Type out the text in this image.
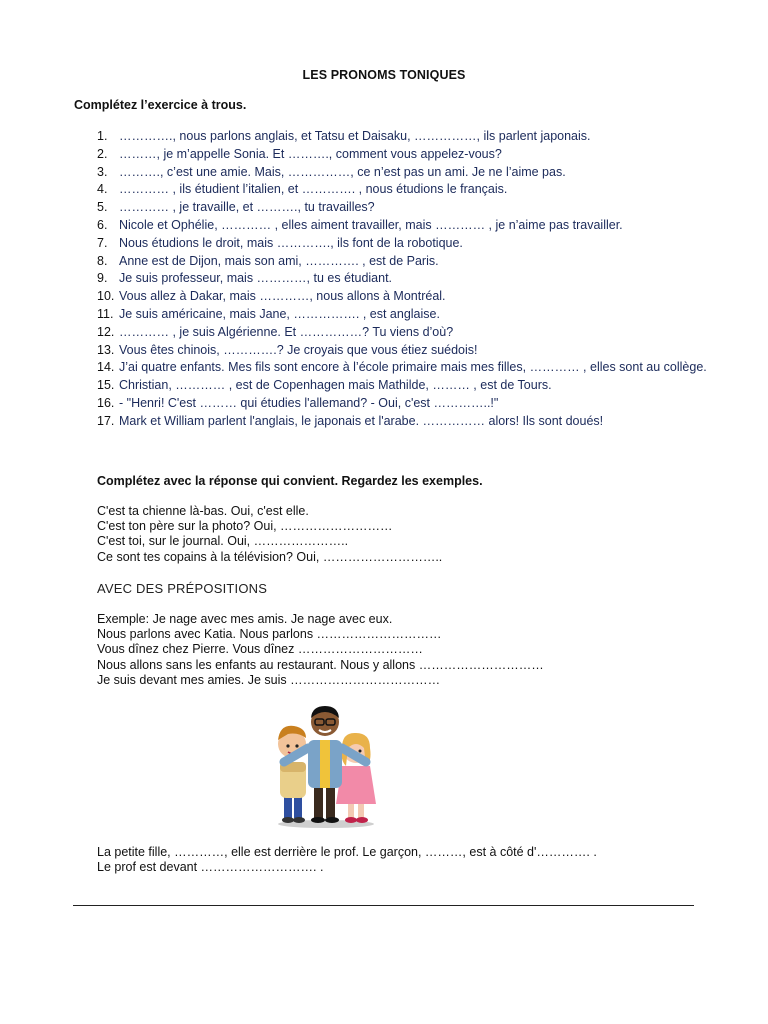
LES PRONOMS TONIQUES
Complétez l’exercice à trous.
1. …………., nous parlons anglais, et Tatsu et Daisaku, ……………, ils parlent japonais.
2. ………, je m’appelle Sonia. Et ………., comment vous appelez-vous?
3. ………., c’est une amie. Mais, ……………, ce n’est pas un ami. Je ne l’aime pas.
4. ………… , ils étudient l’italien, et …………. , nous étudions le français.
5. ………… , je travaille, et ………., tu travailles?
6. Nicole et Ophélie, ………… , elles aiment travailler, mais ………… , je n’aime pas travailler.
7. Nous étudions le droit, mais …………., ils font de la robotique.
8. Anne est de Dijon, mais son ami, …………. , est de Paris.
9. Je suis professeur, mais …………, tu es étudiant.
10. Vous allez à Dakar, mais …………, nous allons à Montréal.
11. Je suis américaine, mais Jane, ……………. , est anglaise.
12. ………… , je suis Algérienne. Et ……………? Tu viens d’où?
13. Vous êtes chinois, ………….? Je croyais que vous étiez suédois!
14. J’ai quatre enfants. Mes fils sont encore à l’école primaire mais mes filles, ………… , elles sont au collège.
15. Christian, ………… , est de Copenhagen mais Mathilde, ……… , est de Tours.
16. - "Henri! C'est ……… qui étudies l'allemand? - Oui, c'est …………..!"
17. Mark et William parlent l'anglais, le japonais et l'arabe. …………… alors! Ils sont doués!
Complétez avec la réponse qui convient. Regardez les exemples.
C'est ta chienne là-bas. Oui, c'est elle.
C'est ton père sur la photo? Oui, ………………………
C'est toi, sur le journal. Oui, …………………..
Ce sont tes copains à la télévision? Oui, ………………………..
AVEC DES PRÉPOSITIONS
Exemple: Je nage avec mes amis. Je nage avec eux.
Nous parlons avec Katia. Nous parlons …………………………
Vous dînez chez Pierre. Vous dînez …………………………
Nous allons sans les enfants au restaurant. Nous y allons …………………………
Je suis devant mes amies. Je suis ………………………………
La petite fille, …………, elle est derrière le prof. Le garçon, ………, est à côté d'…………. .
Le prof est devant ………………………. .
